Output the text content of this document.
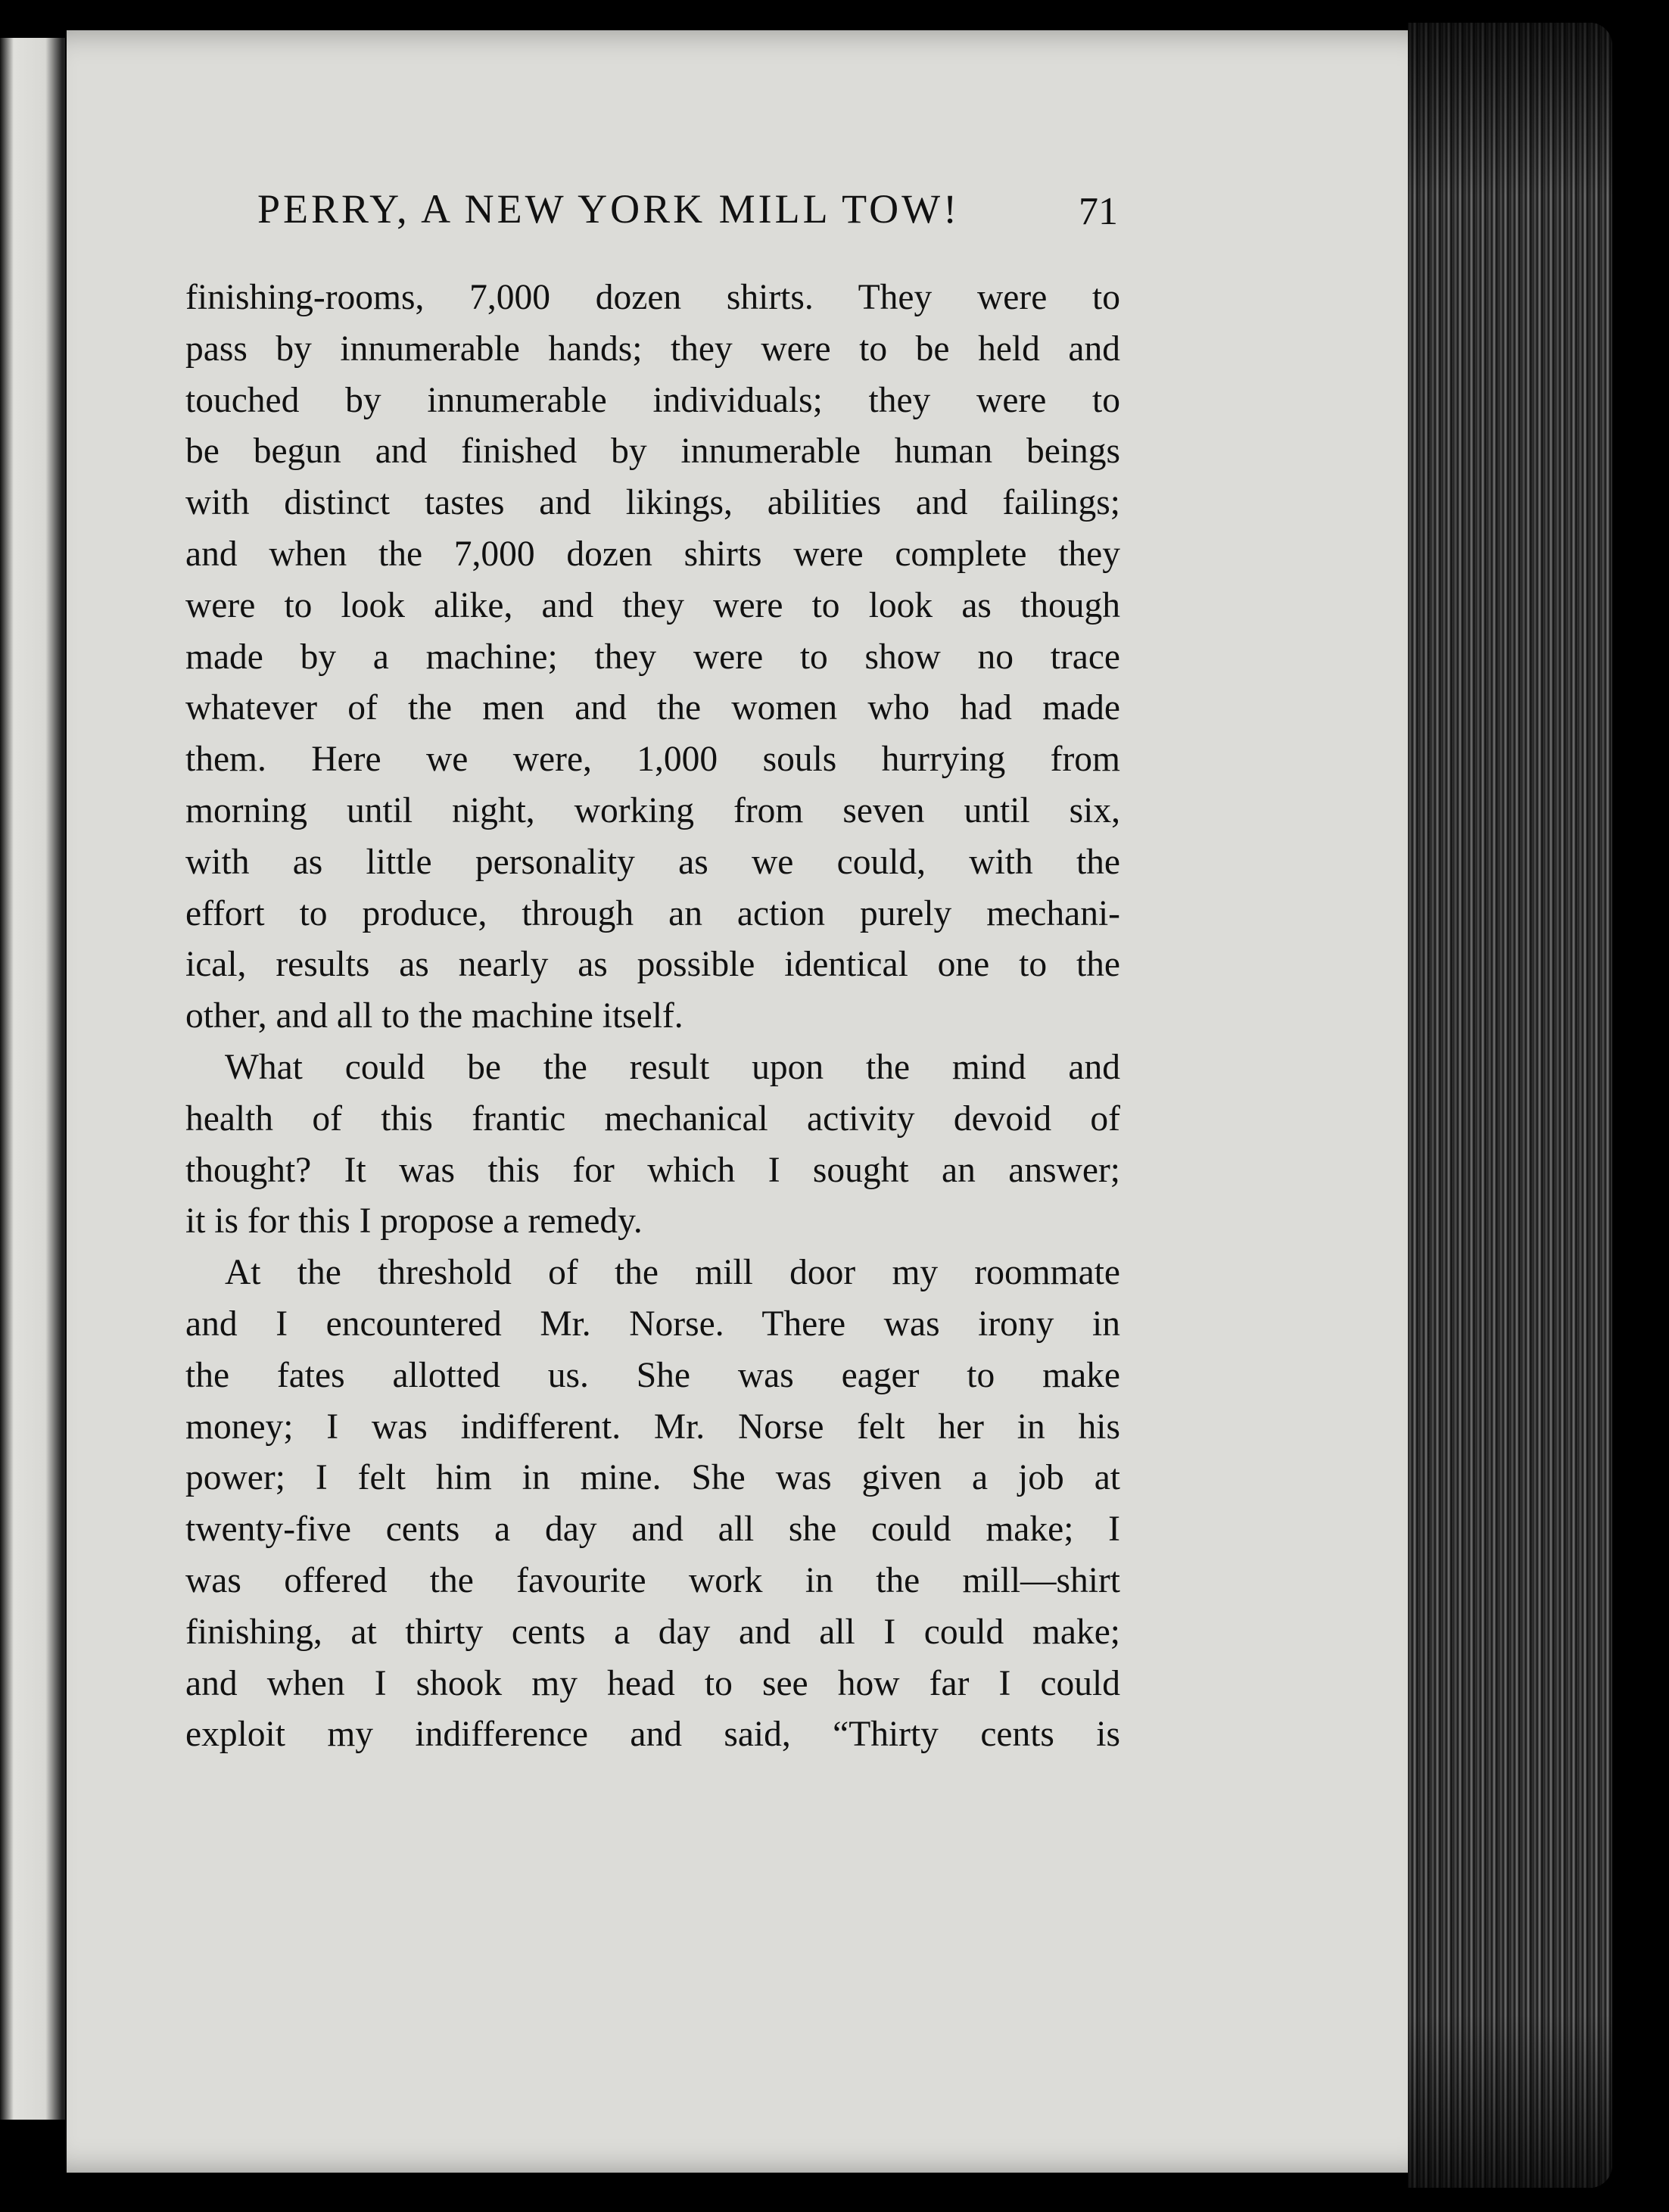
PERRY, A NEW YORK MILL TOW!	71
finishing-rooms, 7,000 dozen shirts. They were to
pass by innumerable hands; they were to be held and
touched by innumerable individuals; they were to
be begun and finished by innumerable human beings
with distinct tastes and likings, abilities and failings;
and when the 7,000 dozen shirts were complete they
were to look alike, and they were to look as though
made by a machine; they were to show no trace
whatever of the men and the women who had made
them. Here we were, 1,000 souls hurrying from
morning until night, working from seven until six,
with as little personality as we could, with the
effort to produce, through an action purely mechani-
ical, results as nearly as possible identical one to the
other, and all to the machine itself.
What could be the result upon the mind and
health of this frantic mechanical activity devoid of
thought? It was this for which I sought an answer;
it is for this I propose a remedy.
At the threshold of the mill door my roommate
and I encountered Mr. Norse. There was irony in
the fates allotted us. She was eager to make
money; I was indifferent. Mr. Norse felt her in his
power; I felt him in mine. She was given a job at
twenty-five cents a day and all she could make; I
was offered the favourite work in the mill—shirt
finishing, at thirty cents a day and all I could make;
and when I shook my head to see how far I could
exploit my indifference and said, “Thirty cents is
